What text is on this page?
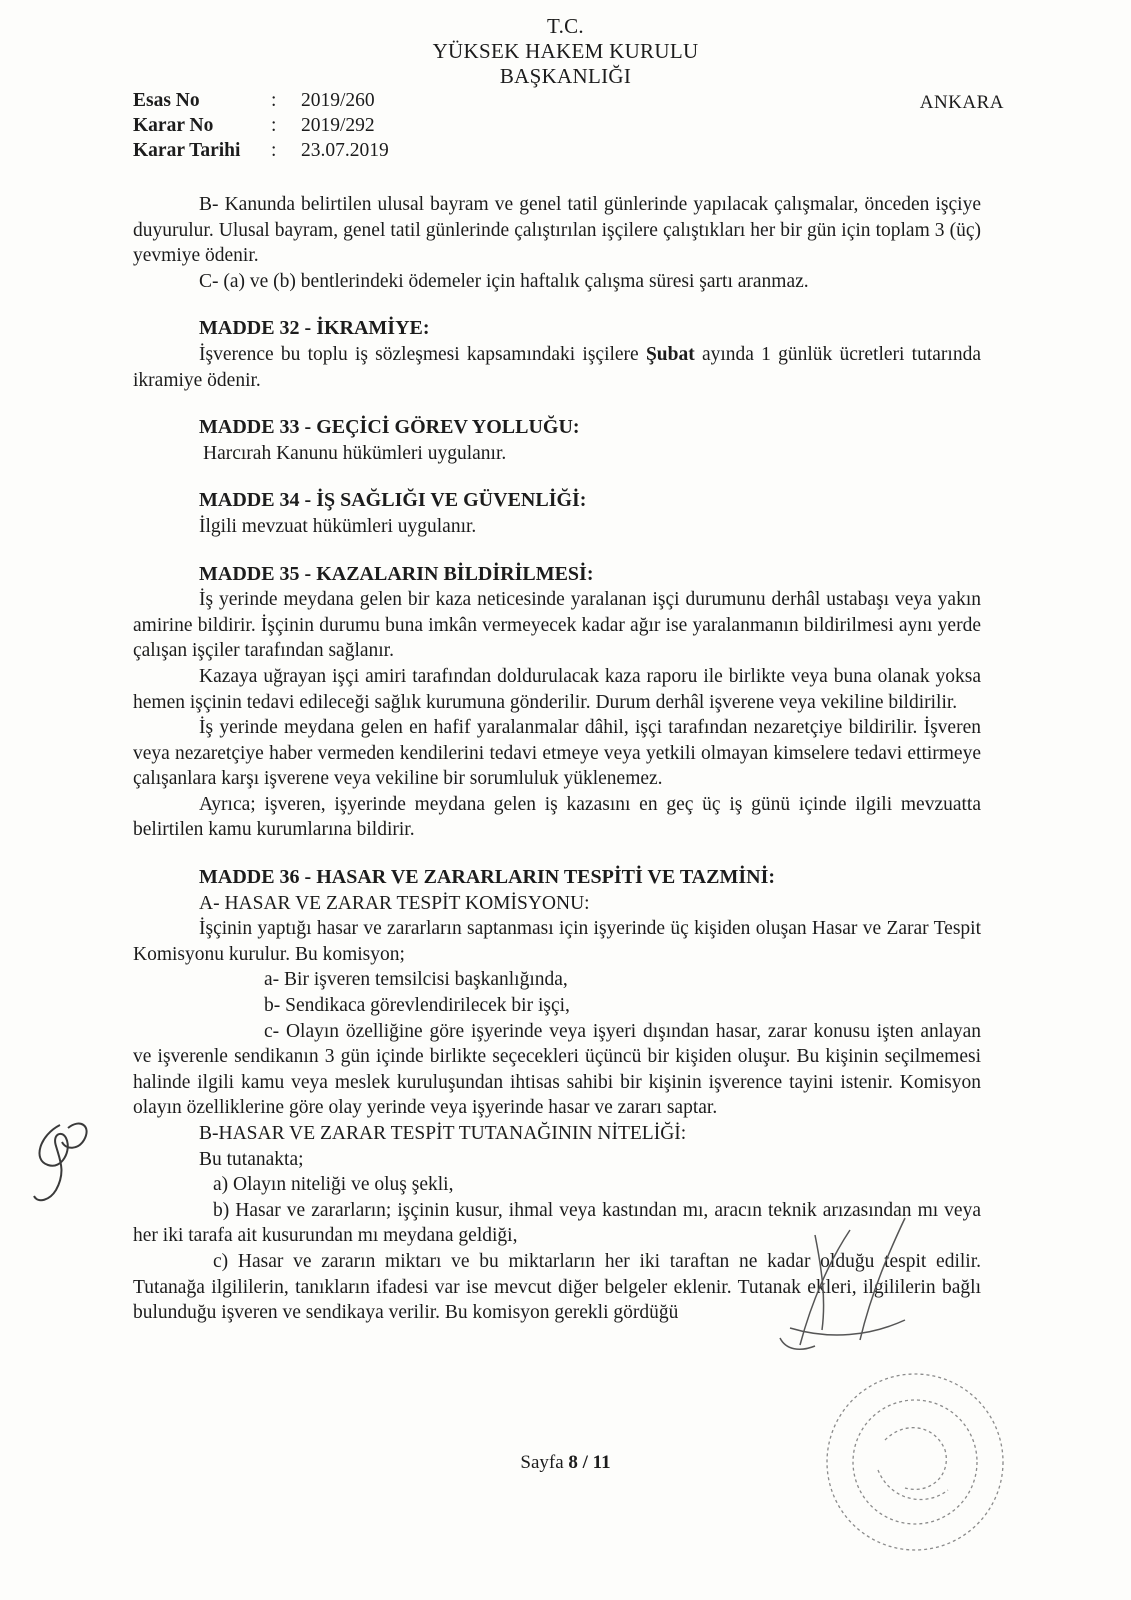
T.C.
YÜKSEK HAKEM KURULU
BAŞKANLIĞI
ANKARA
Esas No	:	2019/260
Karar No	:	2019/292
Karar Tarihi	:	23.07.2019

B- Kanunda belirtilen ulusal bayram ve genel tatil günlerinde yapılacak çalışmalar, önceden işçiye duyurulur. Ulusal bayram, genel tatil günlerinde çalıştırılan işçilere çalıştıkları her bir gün için toplam 3 (üç) yevmiye ödenir.

C- (a) ve (b) bentlerindeki ödemeler için haftalık çalışma süresi şartı aranmaz.

MADDE 32 - İKRAMİYE:

İşverence bu toplu iş sözleşmesi kapsamındaki işçilere Şubat ayında 1 günlük ücretleri tutarında ikramiye ödenir.

MADDE 33 - GEÇİCİ GÖREV YOLLUĞU:

Harcırah Kanunu hükümleri uygulanır.

MADDE 34 - İŞ SAĞLIĞI VE GÜVENLİĞİ:

İlgili mevzuat hükümleri uygulanır.

MADDE 35 - KAZALARIN BİLDİRİLMESİ:

İş yerinde meydana gelen bir kaza neticesinde yaralanan işçi durumunu derhâl ustabaşı veya yakın amirine bildirir. İşçinin durumu buna imkân vermeyecek kadar ağır ise yaralanmanın bildirilmesi aynı yerde çalışan işçiler tarafından sağlanır.

Kazaya uğrayan işçi amiri tarafından doldurulacak kaza raporu ile birlikte veya buna olanak yoksa hemen işçinin tedavi edileceği sağlık kurumuna gönderilir. Durum derhâl işverene veya vekiline bildirilir.

İş yerinde meydana gelen en hafif yaralanmalar dâhil, işçi tarafından nezaretçiye bildirilir. İşveren veya nezaretçiye haber vermeden kendilerini tedavi etmeye veya yetkili olmayan kimselere tedavi ettirmeye çalışanlara karşı işverene veya vekiline bir sorumluluk yüklenemez.

Ayrıca; işveren, işyerinde meydana gelen iş kazasını en geç üç iş günü içinde ilgili mevzuatta belirtilen kamu kurumlarına bildirir.

MADDE 36 - HASAR VE ZARARLARIN TESPİTİ VE TAZMİNİ:

A- HASAR VE ZARAR TESPİT KOMİSYONU:

İşçinin yaptığı hasar ve zararların saptanması için işyerinde üç kişiden oluşan Hasar ve Zarar Tespit Komisyonu kurulur. Bu komisyon;

a- Bir işveren temsilcisi başkanlığında,

b- Sendikaca görevlendirilecek bir işçi,

c- Olayın özelliğine göre işyerinde veya işyeri dışından hasar, zarar konusu işten anlayan ve işverenle sendikanın 3 gün içinde birlikte seçecekleri üçüncü bir kişiden oluşur. Bu kişinin seçilmemesi halinde ilgili kamu veya meslek kuruluşundan ihtisas sahibi bir kişinin işverence tayini istenir. Komisyon olayın özelliklerine göre olay yerinde veya işyerinde hasar ve zararı saptar.

B-HASAR VE ZARAR TESPİT TUTANAĞININ NİTELİĞİ:

Bu tutanakta;

a) Olayın niteliği ve oluş şekli,

b) Hasar ve zararların; işçinin kusur, ihmal veya kastından mı, aracın teknik arızasından mı veya her iki tarafa ait kusurundan mı meydana geldiği,

c) Hasar ve zararın miktarı ve bu miktarların her iki taraftan ne kadar olduğu tespit edilir. Tutanağa ilgililerin, tanıkların ifadesi var ise mevcut diğer belgeler eklenir. Tutanak ekleri, ilgililerin bağlı bulunduğu işveren ve sendikaya verilir. Bu komisyon gerekli gördüğü

Sayfa 8 / 11
